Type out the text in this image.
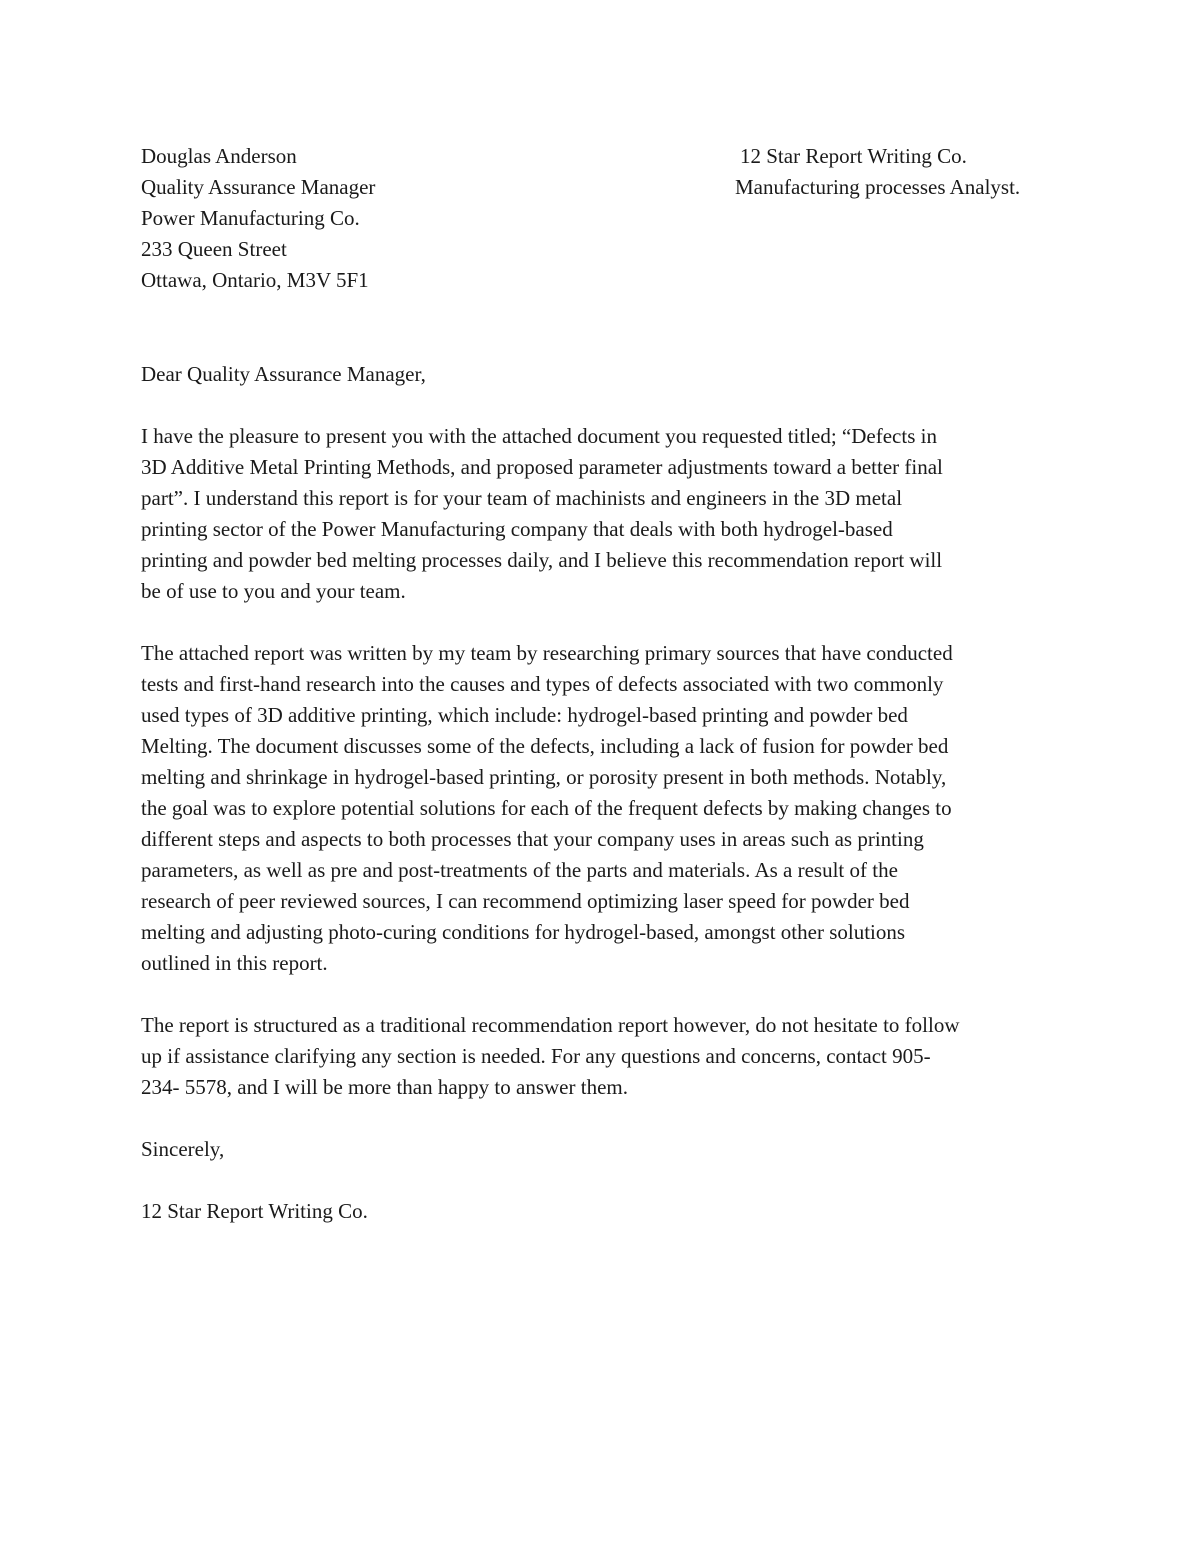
Douglas Anderson
Quality Assurance Manager
Power Manufacturing Co.
233 Queen Street
Ottawa, Ontario, M3V 5F1
12 Star Report Writing Co.
Manufacturing processes Analyst.
Dear Quality Assurance Manager,
I have the pleasure to present you with the attached document you requested titled; “Defects in
3D Additive Metal Printing Methods, and proposed parameter adjustments toward a better final
part”. I understand this report is for your team of machinists and engineers in the 3D metal
printing sector of the Power Manufacturing company that deals with both hydrogel-based
printing and powder bed melting processes daily, and I believe this recommendation report will
be of use to you and your team.
The attached report was written by my team by researching primary sources that have conducted
tests and first-hand research into the causes and types of defects associated with two commonly
used types of 3D additive printing, which include: hydrogel-based printing and powder bed
Melting. The document discusses some of the defects, including a lack of fusion for powder bed
melting and shrinkage in hydrogel-based printing, or porosity present in both methods. Notably,
the goal was to explore potential solutions for each of the frequent defects by making changes to
different steps and aspects to both processes that your company uses in areas such as printing
parameters, as well as pre and post-treatments of the parts and materials. As a result of the
research of peer reviewed sources, I can recommend optimizing laser speed for powder bed
melting and adjusting photo-curing conditions for hydrogel-based, amongst other solutions
outlined in this report.
The report is structured as a traditional recommendation report however, do not hesitate to follow
up if assistance clarifying any section is needed. For any questions and concerns, contact 905-
234- 5578, and I will be more than happy to answer them.
Sincerely,
12 Star Report Writing Co.
